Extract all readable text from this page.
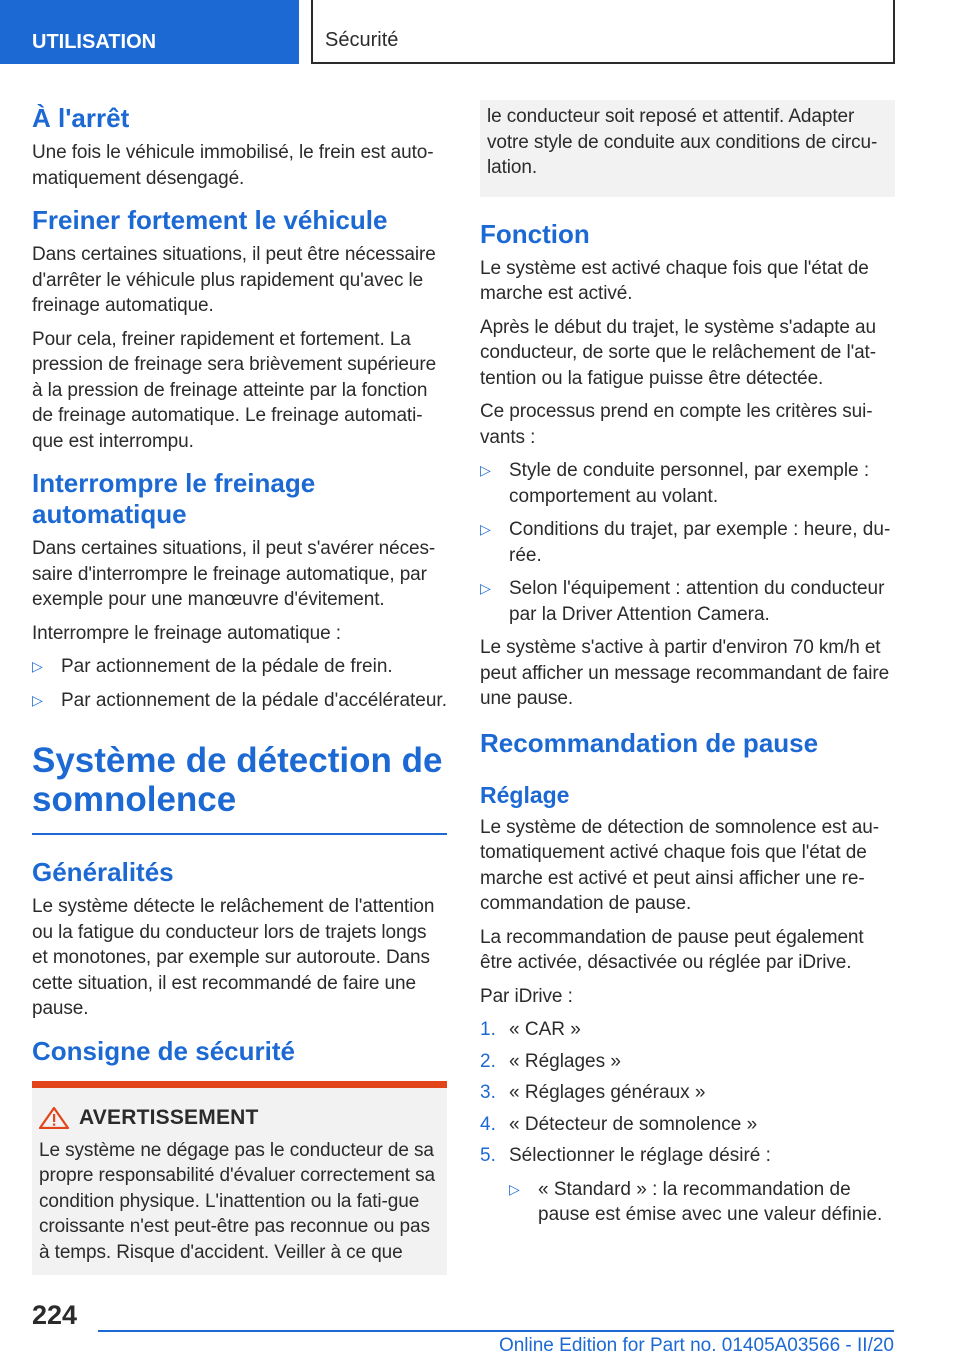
UTILISATION	Sécurité
À l'arrêt

Une fois le véhicule immobilisé, le frein est auto-matiquement désengagé.

Freiner fortement le véhicule

Dans certaines situations, il peut être nécessaire d'arrêter le véhicule plus rapidement qu'avec le freinage automatique.

Pour cela, freiner rapidement et fortement. La pression de freinage sera brièvement supérieure à la pression de freinage atteinte par la fonction de freinage automatique. Le freinage automati-que est interrompu.

Interrompre le freinage automatique

Dans certaines situations, il peut s'avérer néces-saire d'interrompre le freinage automatique, par exemple pour une manœuvre d'évitement.

Interrompre le freinage automatique :

▷ Par actionnement de la pédale de frein.
▷ Par actionnement de la pédale d'accélérateur.
Système de détection de somnolence
Généralités

Le système détecte le relâchement de l'attention ou la fatigue du conducteur lors de trajets longs et monotones, par exemple sur autoroute. Dans cette situation, il est recommandé de faire une pause.

Consigne de sécurité
AVERTISSEMENT

Le système ne dégage pas le conducteur de sa propre responsabilité d'évaluer correctement sa condition physique. L'inattention ou la fati-gue croissante n'est peut-être pas reconnue ou pas à temps. Risque d'accident. Veiller à ce que

le conducteur soit reposé et attentif. Adapter votre style de conduite aux conditions de circu-lation.

Fonction

Le système est activé chaque fois que l'état de marche est activé.

Après le début du trajet, le système s'adapte au conducteur, de sorte que le relâchement de l'at-tention ou la fatigue puisse être détectée.

Ce processus prend en compte les critères sui-vants :

▷ Style de conduite personnel, par exemple : comportement au volant.
▷ Conditions du trajet, par exemple : heure, du-rée.
▷ Selon l'équipement : attention du conducteur par la Driver Attention Camera.

Le système s'active à partir d'environ 70 km/h et peut afficher un message recommandant de faire une pause.

Recommandation de pause
Réglage

Le système de détection de somnolence est au-tomatiquement activé chaque fois que l'état de marche est activé et peut ainsi afficher une re-commandation de pause.

La recommandation de pause peut également être activée, désactivée ou réglée par iDrive.

Par iDrive :

1. « CAR »
2. « Réglages »
3. « Réglages généraux »
4. « Détecteur de somnolence »
5. Sélectionner le réglage désiré :
▷ « Standard » : la recommandation de pause est émise avec une valeur définie.
224
Online Edition for Part no. 01405A03566 - II/20
